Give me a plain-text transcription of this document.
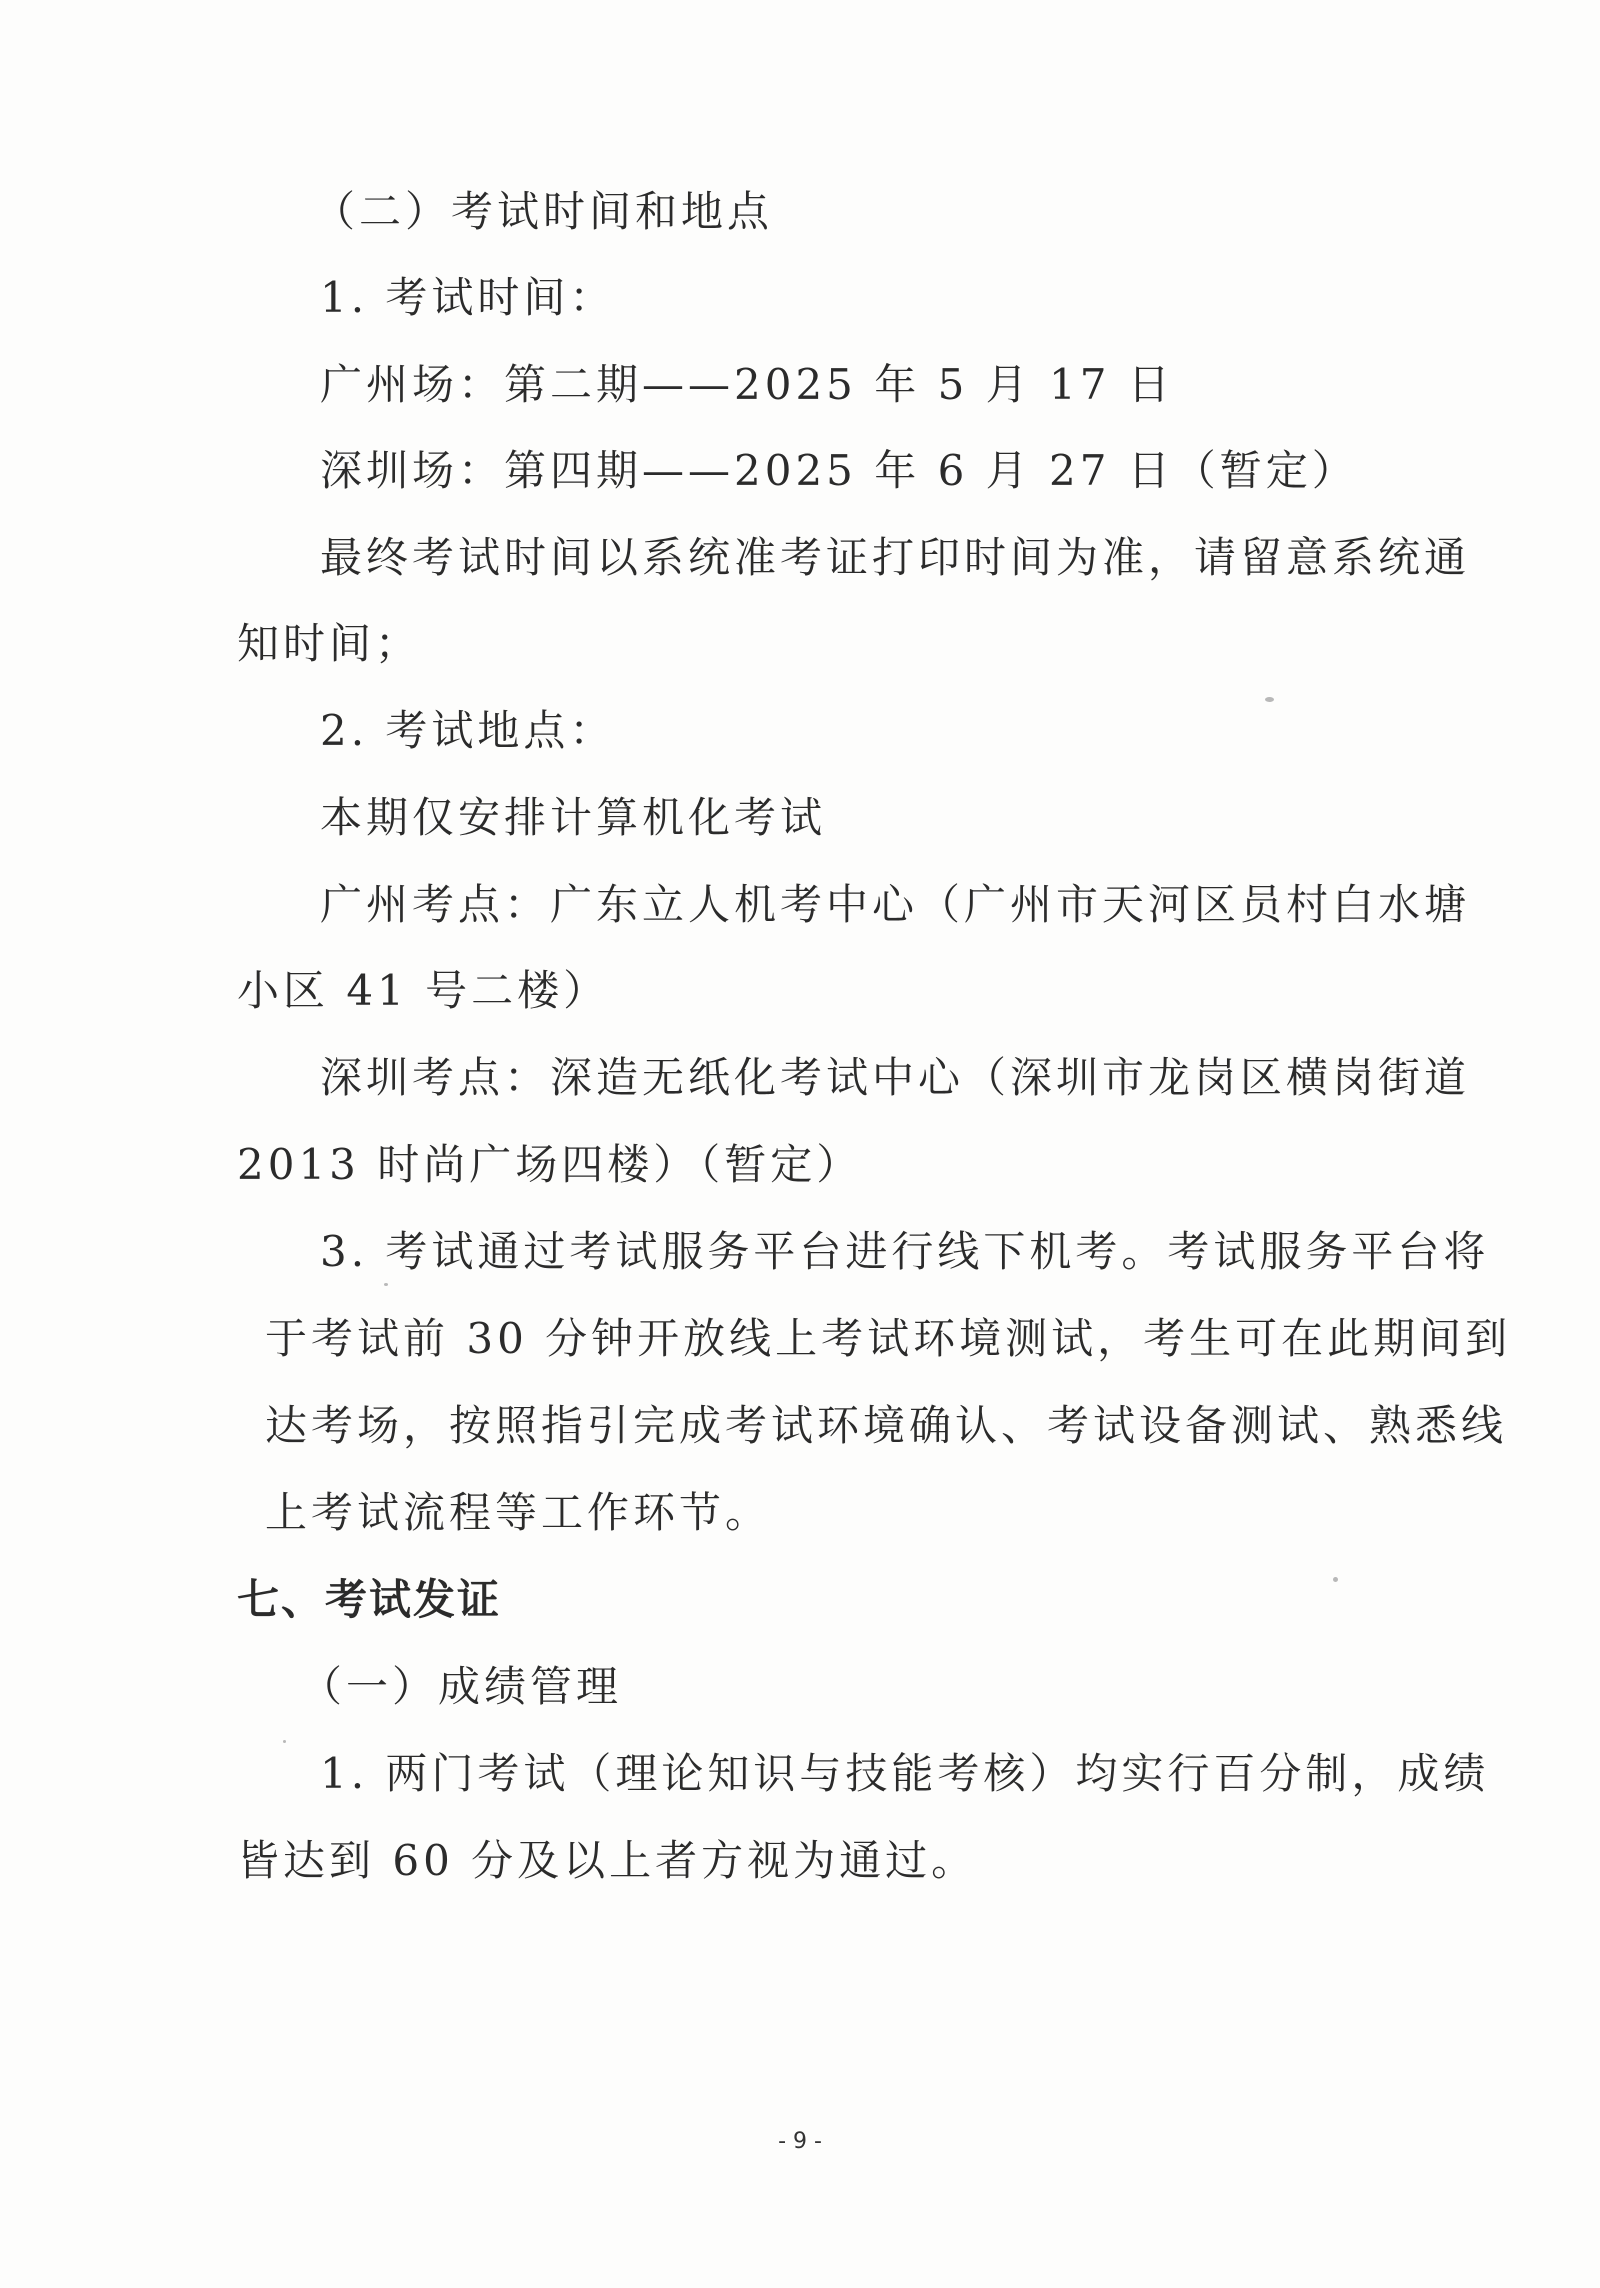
（二）考试时间和地点
1. 考试时间：
广州场：第二期——2025 年 5 月 17 日
深圳场：第四期——2025 年 6 月 27 日（暂定）
最终考试时间以系统准考证打印时间为准，请留意系统通
知时间；
2. 考试地点：
本期仅安排计算机化考试
广州考点：广东立人机考中心（广州市天河区员村白水塘
小区 41 号二楼）
深圳考点：深造无纸化考试中心（深圳市龙岗区横岗街道
2013 时尚广场四楼）（暂定）
3. 考试通过考试服务平台进行线下机考。考试服务平台将
于考试前 30 分钟开放线上考试环境测试，考生可在此期间到
达考场，按照指引完成考试环境确认、考试设备测试、熟悉线
上考试流程等工作环节。
七、考试发证
（一）成绩管理
1. 两门考试（理论知识与技能考核）均实行百分制，成绩
皆达到 60 分及以上者方视为通过。
- 9 -
